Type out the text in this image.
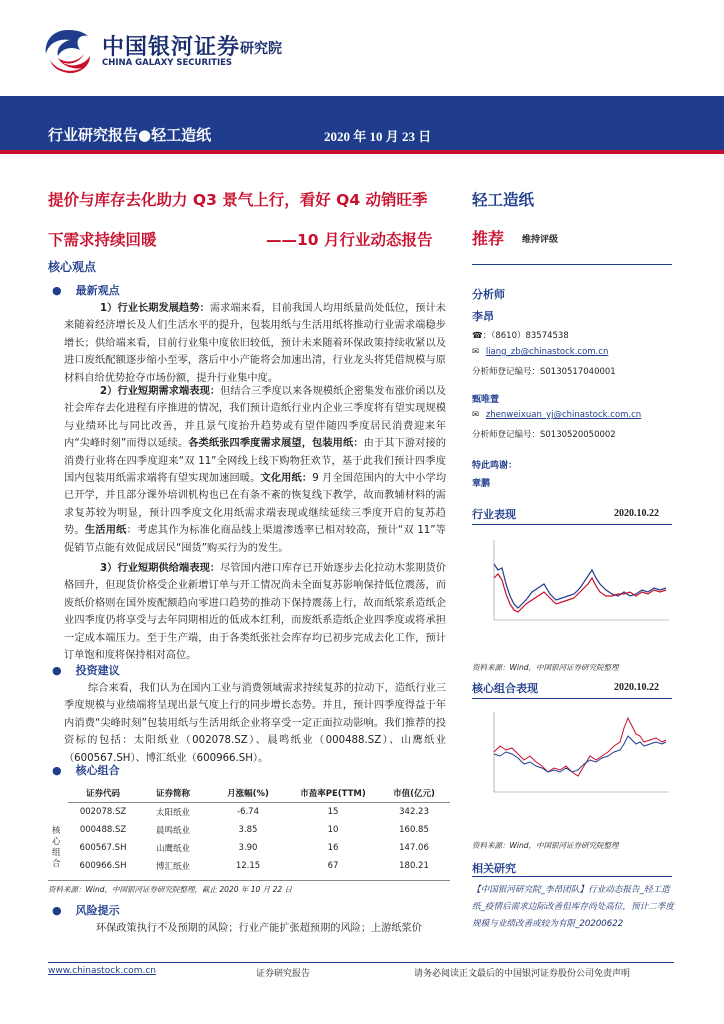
中国银河证券
CHINA GALAXY SECURITIES
研究院
行业研究报告●轻工造纸	2020 年 10 月 23 日
提价与库存去化助力 Q3 景气上行，看好 Q4 动销旺季
下需求持续回暖	——10 月行业动态报告
核心观点
● 最新观点
1）行业长期发展趋势：需求端来看，目前我国人均用纸量尚处低位，预计未来随着经济增长及人们生活水平的提升，包装用纸与生活用纸将推动行业需求端稳步增长；供给端来看，目前行业集中度依旧较低，预计未来随着环保政策持续收紧以及进口废纸配额逐步缩小至零，落后中小产能将会加速出清，行业龙头将凭借规模与原材料自给优势抢夺市场份额，提升行业集中度。
2）行业短期需求端表现：但结合三季度以来各规模纸企密集发布涨价函以及社会库存去化进程有序推进的情况，我们预计造纸行业内企业三季度将有望实现规模与业绩环比与同比改善，并且景气度抬升趋势或有望伴随四季度居民消费迎来年内“尖峰时刻”而得以延续。各类纸张四季度需求展望，包装用纸：由于其下游对接的消费行业将在四季度迎来“双 11”全网线上线下购物狂欢节，基于此我们预计四季度国内包装用纸需求端将有望实现加速回暖。文化用纸：9 月全国范围内的大中小学均已开学，并且部分课外培训机构也已在有条不紊的恢复线下教学，故而教辅材料的需求复苏较为明显，预计四季度文化用纸需求端表现或继续延续三季度开启的复苏趋势。生活用纸：考虑其作为标准化商品线上渠道渗透率已相对较高，预计“双 11”等促销节点能有效促成居民“囤货”购买行为的发生。
3）行业短期供给端表现：尽管国内港口库存已开始逐步去化拉动木浆期货价格回升，但现货价格受企业新增订单与开工情况尚未全面复苏影响保持低位震荡，而废纸价格则在国外废配额趋向零进口趋势的推动下保持震荡上行，故而纸浆系造纸企业四季度仍将享受与去年同期相近的低成本红利，而废纸系造纸企业四季度或将承担一定成本端压力。至于生产端，由于各类纸张社会库存均已初步完成去化工作，预计订单饱和度将保持相对高位。
● 投资建议
综合来看，我们认为在国内工业与消费领域需求持续复苏的拉动下，造纸行业三季度规模与业绩端将呈现出景气度上行的同步增长态势。并且，预计四季度得益于年内消费“尖峰时刻”包装用纸与生活用纸企业将享受一定正面拉动影响。我们推荐的投资标的包括：太阳纸业（002078.SZ）、晨鸣纸业（000488.SZ）、山鹰纸业（600567.SH）、博汇纸业（600966.SH）。
● 核心组合
核心组合
证券代码	证券简称	月涨幅(%)	市盈率PE(TTM)	市值(亿元)
002078.SZ	太阳纸业	-6.74	15	342.23
000488.SZ	晨鸣纸业	3.85	10	160.85
600567.SH	山鹰纸业	3.90	16	147.06
600966.SH	博汇纸业	12.15	67	180.21
资料来源：Wind，中国银河证券研究院整理，截止 2020 年 10 月 22 日
● 风险提示
环保政策执行不及预期的风险；行业产能扩张超预期的风险；上游纸浆价
轻工造纸
推荐 维持评级
分析师
李昂
☎：（8610）83574538
✉ liang_zb@chinastock.com.cn
分析师登记编号：S0130517040001
甄唯萱
✉ zhenweixuan_yj@chinastock.com.cn
分析师登记编号：S0130520050002
特此鸣谢：
章鹏
行业表现	2020.10.22
资料来源：Wind，中国银河证券研究院整理
核心组合表现	2020.10.22
资料来源：Wind，中国银河证券研究院整理
相关研究
【中国银河研究院_李昂团队】行业动态报告_轻工造纸_疫情后需求边际改善但库存尚处高位，预计二季度规模与业绩改善或较为有限_20200622
www.chinastock.com.cn	证券研究报告	请务必阅读正文最后的中国银河证券股份公司免责声明
